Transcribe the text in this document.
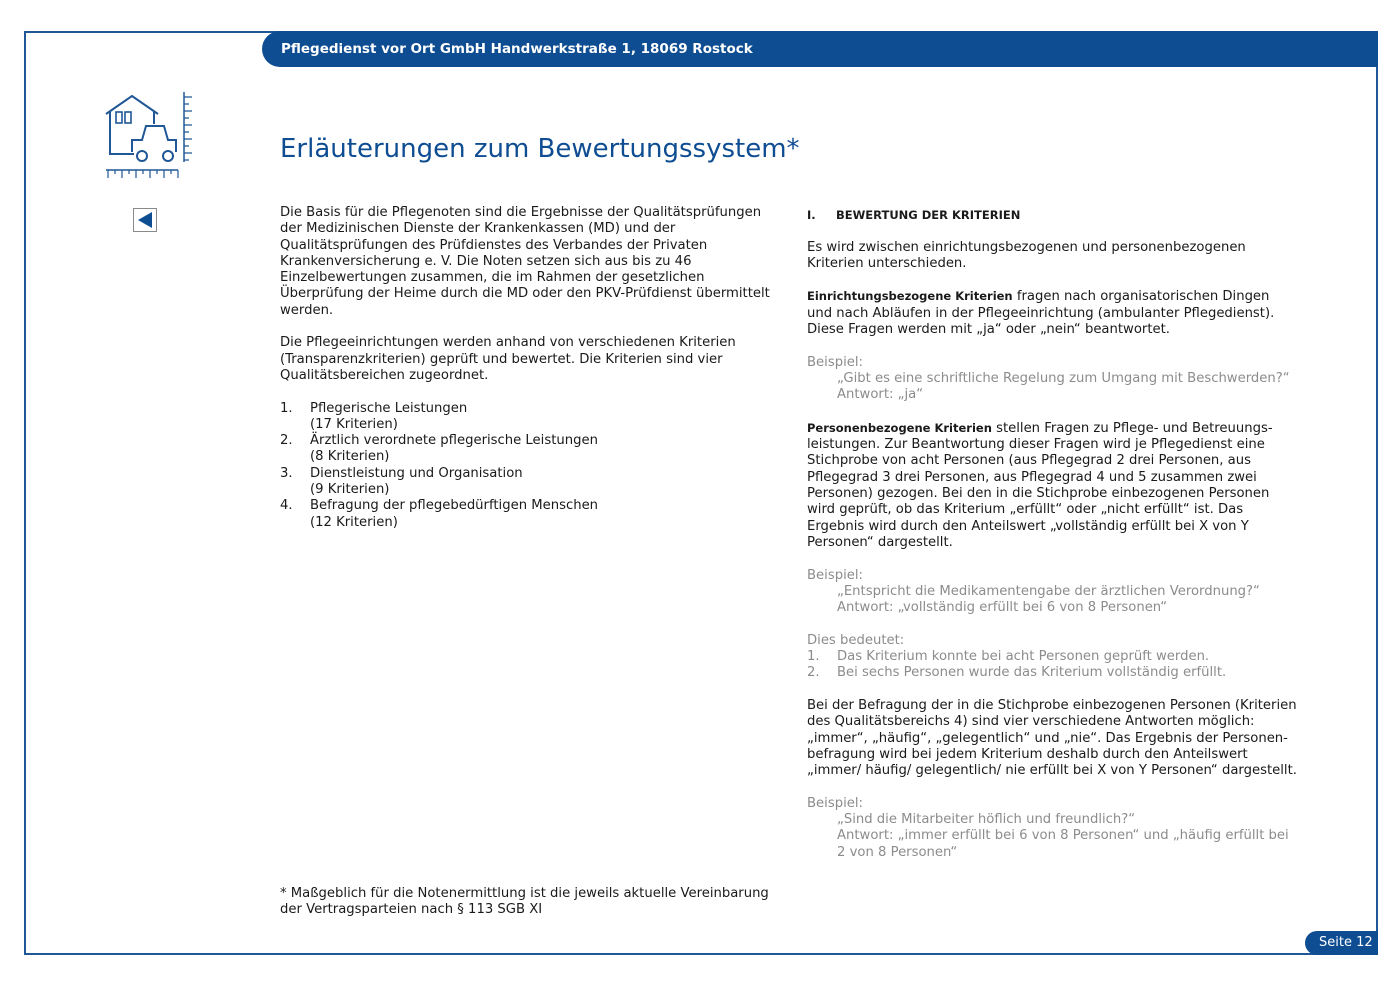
Pflegedienst vor Ort GmbH Handwerkstraße 1, 18069 Rostock
Erläuterungen zum Bewertungssystem*

Die Basis für die Pflegenoten sind die Ergebnisse der Qualitätsprüfungen der Medizinischen Dienste der Krankenkassen (MD) und der Qualitätsprüfungen des Prüfdienstes des Verbandes der Privaten Krankenversicherung e. V. Die Noten setzen sich aus bis zu 46 Einzelbewertungen zusammen, die im Rahmen der gesetzlichen Überprüfung der Heime durch die MD oder den PKV-Prüfdienst übermittelt werden.

Die Pflegeeinrichtungen werden anhand von verschiedenen Kriterien (Transparenzkriterien) geprüft und bewertet. Die Kriterien sind vier Qualitätsbereichen zugeordnet.

1. Pflegerische Leistungen
(17 Kriterien)
2. Ärztlich verordnete pflegerische Leistungen
(8 Kriterien)
3. Dienstleistung und Organisation
(9 Kriterien)
4. Befragung der pflegebedürftigen Menschen
(12 Kriterien)
I. BEWERTUNG DER KRITERIEN

Es wird zwischen einrichtungsbezogenen und personenbezogenen Kriterien unterschieden.

Einrichtungsbezogene Kriterien fragen nach organisatorischen Dingen und nach Abläufen in der Pflegeeinrichtung (ambulanter Pflegedienst). Diese Fragen werden mit „ja“ oder „nein“ beantwortet.

Beispiel:
„Gibt es eine schriftliche Regelung zum Umgang mit Beschwerden?“
Antwort: „ja“

Personenbezogene Kriterien stellen Fragen zu Pflege- und Betreuungsleistungen. Zur Beantwortung dieser Fragen wird je Pflegedienst eine Stichprobe von acht Personen (aus Pflegegrad 2 drei Personen, aus Pflegegrad 3 drei Personen, aus Pflegegrad 4 und 5 zusammen zwei Personen) gezogen. Bei den in die Stichprobe einbezogenen Personen wird geprüft, ob das Kriterium „erfüllt“ oder „nicht erfüllt“ ist. Das Ergebnis wird durch den Anteilswert „vollständig erfüllt bei X von Y Personen“ dargestellt.

Beispiel:
„Entspricht die Medikamentengabe der ärztlichen Verordnung?“
Antwort: „vollständig erfüllt bei 6 von 8 Personen“
Dies bedeutet:
1. Das Kriterium konnte bei acht Personen geprüft werden.
2. Bei sechs Personen wurde das Kriterium vollständig erfüllt.

Bei der Befragung der in die Stichprobe einbezogenen Personen (Kriterien des Qualitätsbereichs 4) sind vier verschiedene Antworten möglich: „immer“, „häufig“, „gelegentlich“ und „nie“. Das Ergebnis der Personenbefragung wird bei jedem Kriterium deshalb durch den Anteilswert „immer/ häufig/ gelegentlich/ nie erfüllt bei X von Y Personen“ dargestellt.

Beispiel:
„Sind die Mitarbeiter höflich und freundlich?“
Antwort: „immer erfüllt bei 6 von 8 Personen“ und „häufig erfüllt bei 2 von 8 Personen“
* Maßgeblich für die Notenermittlung ist die jeweils aktuelle Vereinbarung der Vertragsparteien nach § 113 SGB XI
Seite 12
